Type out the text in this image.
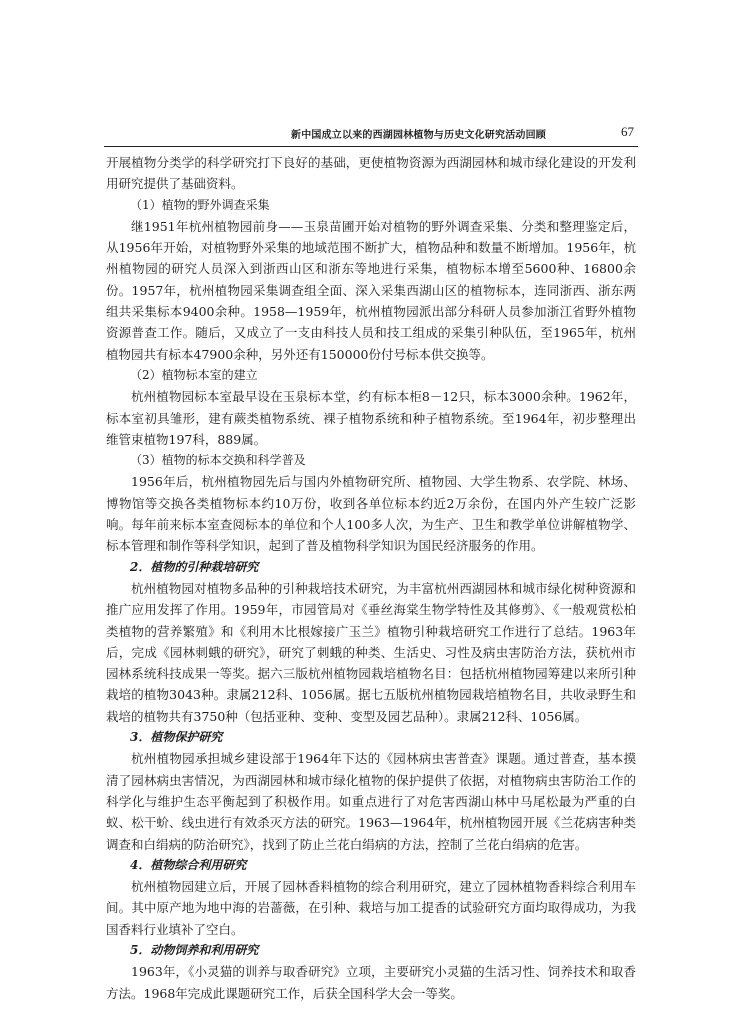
新中国成立以来的西湖园林植物与历史文化研究活动回顾	67

开展植物分类学的科学研究打下良好的基础，更使植物资源为西湖园林和城市绿化建设的开发利用研究提供了基础资料。

（1）植物的野外调查采集

继1951年杭州植物园前身——玉泉苗圃开始对植物的野外调查采集、分类和整理鉴定后，从1956年开始，对植物野外采集的地域范围不断扩大，植物品种和数量不断增加。1956年，杭州植物园的研究人员深入到浙西山区和浙东等地进行采集，植物标本增至5600种、16800余份。1957年，杭州植物园采集调查组全面、深入采集西湖山区的植物标本，连同浙西、浙东两组共采集标本9400余种。1958—1959年，杭州植物园派出部分科研人员参加浙江省野外植物资源普查工作。随后，又成立了一支由科技人员和技工组成的采集引种队伍，至1965年，杭州植物园共有标本47900余种，另外还有150000份付号标本供交换等。

（2）植物标本室的建立

杭州植物园标本室最早设在玉泉标本堂，约有标本柜8－12只，标本3000余种。1962年，标本室初具雏形，建有蕨类植物系统、裸子植物系统和种子植物系统。至1964年，初步整理出维管束植物197科，889属。

（3）植物的标本交换和科学普及

1956年后，杭州植物园先后与国内外植物研究所、植物园、大学生物系、农学院、林场、博物馆等交换各类植物标本约10万份，收到各单位标本约近2万余份，在国内外产生较广泛影响。每年前来标本室查阅标本的单位和个人100多人次，为生产、卫生和教学单位讲解植物学、标本管理和制作等科学知识，起到了普及植物科学知识为国民经济服务的作用。

2．植物的引种栽培研究

杭州植物园对植物多品种的引种栽培技术研究，为丰富杭州西湖园林和城市绿化树种资源和推广应用发挥了作用。1959年，市园管局对《垂丝海棠生物学特性及其修剪》、《一般观赏松柏类植物的营养繁殖》和《利用木比根嫁接广玉兰》植物引种栽培研究工作进行了总结。1963年后，完成《园林刺蛾的研究》，研究了刺蛾的种类、生活史、习性及病虫害防治方法，获杭州市园林系统科技成果一等奖。据六三版杭州植物园栽培植物名目：包括杭州植物园筹建以来所引种栽培的植物3043种。隶属212科、1056属。据七五版杭州植物园栽培植物名目，共收录野生和栽培的植物共有3750种（包括亚种、变种、变型及园艺品种）。隶属212科、1056属。

3．植物保护研究

杭州植物园承担城乡建设部于1964年下达的《园林病虫害普查》课题。通过普查，基本摸清了园林病虫害情况，为西湖园林和城市绿化植物的保护提供了依据，对植物病虫害防治工作的科学化与维护生态平衡起到了积极作用。如重点进行了对危害西湖山林中马尾松最为严重的白蚁、松干蚧、线虫进行有效杀灭方法的研究。1963—1964年，杭州植物园开展《兰花病害种类调查和白绢病的防治研究》，找到了防止兰花白绢病的方法，控制了兰花白绢病的危害。

4．植物综合利用研究

杭州植物园建立后，开展了园林香料植物的综合利用研究，建立了园林植物香料综合利用车间。其中原产地为地中海的岩蔷薇，在引种、栽培与加工提香的试验研究方面均取得成功，为我国香料行业填补了空白。

5．动物饲养和利用研究

1963年，《小灵猫的训养与取香研究》立项，主要研究小灵猫的生活习性、饲养技术和取香方法。1968年完成此课题研究工作，后获全国科学大会一等奖。
